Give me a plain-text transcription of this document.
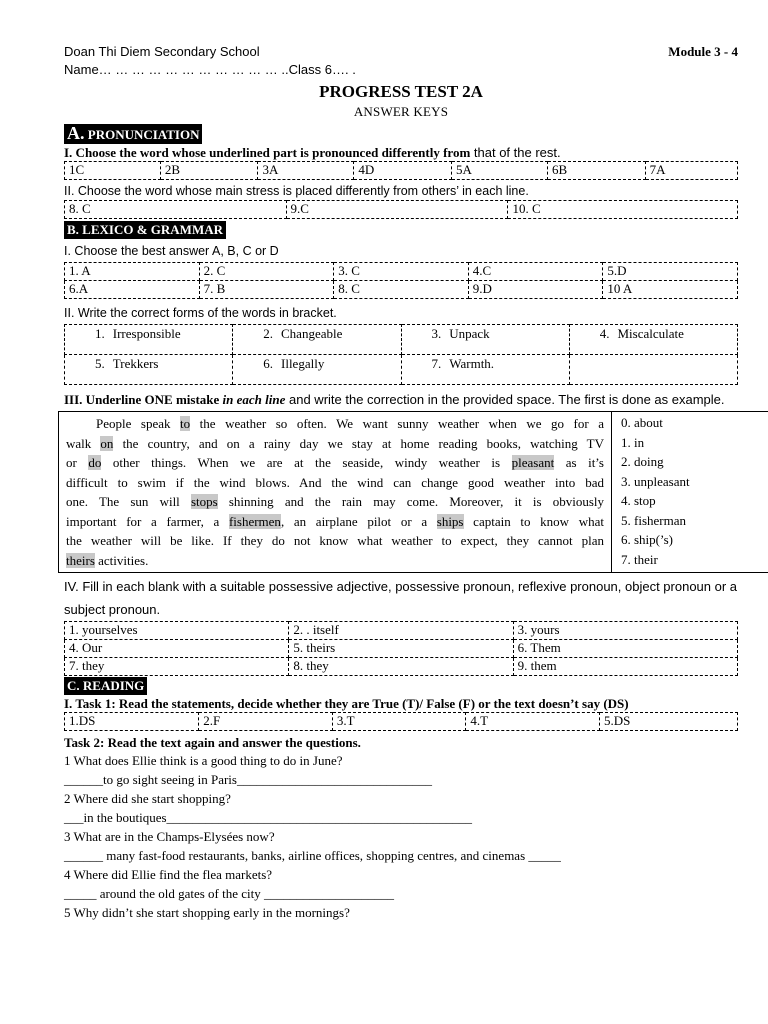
Doan Thi Diem Secondary School	Module 3 - 4
Name… … … … … … … … … … … ..Class 6…. .
PROGRESS TEST 2A
ANSWER KEYS
A. PRONUNCIATION
I. Choose the word whose underlined part is pronounced differently from that of the rest.
1C	2B	3A	4D	5A	6B	7A
II. Choose the word whose main stress is placed differently from others’ in each line.
8. C	9.C	10. C
B. LEXICO & GRAMMAR
I. Choose the best answer A, B, C or D
1. A	2. C	3. C	4.C	5.D
6.A	7. B	8. C	9.D	10 A
II. Write the correct forms of the words in bracket.
1. Irresponsible	2. Changeable	3. Unpack	4. Miscalculate
5. Trekkers	6. Illegally	7. Warmth.	
III. Underline ONE mistake in each line and write the correction in the provided space. The first is done as example.
People speak to the weather so often. We want sunny weather when we go for a
walk on the country, and on a rainy day we stay at home reading books, watching TV
or do other things. When we are at the seaside, windy weather is pleasant as it’s
difficult to swim if the wind blows. And the wind can change good weather into bad
one. The sun will stops shinning and the rain may come. Moreover, it is obviously
important for a farmer, a fishermen, an airplane pilot or a ships captain to know what
the weather will be like. If they do not know what weather to expect, they cannot plan
theirs activities.

0. about
1. in
2. doing
3. unpleasant
4. stop
5. fisherman
6. ship(’s)
7. their
IV. Fill in each blank with a suitable possessive adjective, possessive pronoun, reflexive pronoun, object pronoun or a subject pronoun.
1. yourselves	2. . itself	3. yours
4. Our	5. theirs	6. Them
7. they	8. they	9. them
C. READING
I. Task 1: Read the statements, decide whether they are True (T)/ False (F) or the text doesn’t say (DS)
1.DS	2.F	3.T	4.T	5.DS
Task 2: Read the text again and answer the questions.
1 What does Ellie think is a good thing to do in June?
______to go sight seeing in Paris______________________________
2 Where did she start shopping?
___in the boutiques_______________________________________________
3 What are in the Champs-Elysées now?
______ many fast-food restaurants, banks, airline offices, shopping centres, and cinemas _____
4 Where did Ellie find the flea markets?
_____ around the old gates of the city ____________________
5 Why didn’t she start shopping early in the mornings?
